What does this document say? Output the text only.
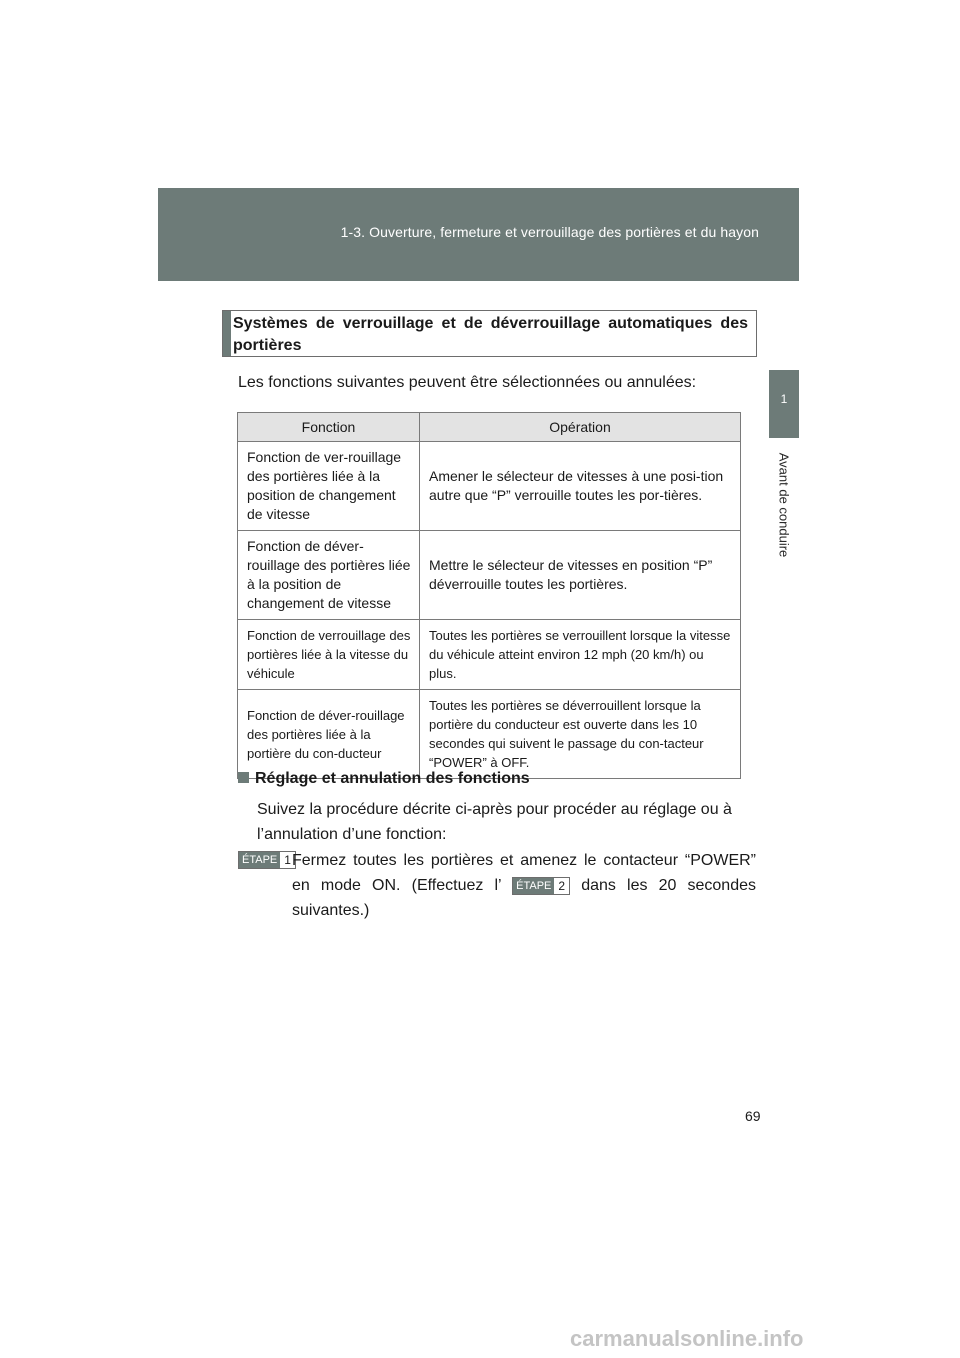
1-3. Ouverture, fermeture et verrouillage des portières et du hayon
1
Avant de conduire
Systèmes de verrouillage et de déverrouillage automatiques des portières
Les fonctions suivantes peuvent être sélectionnées ou annulées:
Fonction	Opération
Fonction de ver-rouillage des portières liée à la position de changement de vitesse	Amener le sélecteur de vitesses à une posi-tion autre que “P” verrouille toutes les por-tières.
Fonction de déver-rouillage des portières liée à la position de changement de vitesse	Mettre le sélecteur de vitesses en position “P” déverrouille toutes les portières.
Fonction de verrouillage des portières liée à la vitesse du véhicule	Toutes les portières se verrouillent lorsque la vitesse du véhicule atteint environ 12 mph (20 km/h) ou plus.
Fonction de déver-rouillage des portières liée à la portière du con-ducteur	Toutes les portières se déverrouillent lorsque la portière du conducteur est ouverte dans les 10 secondes qui suivent le passage du con-tacteur “POWER” à OFF.
Réglage et annulation des fonctions
Suivez la procédure décrite ci-après pour procéder au réglage ou à l’annulation d’une fonction:
ÉTAPE 1 Fermez toutes les portières et amenez le contacteur “POWER” en mode ON. (Effectuez l’ ÉTAPE 2 dans les 20 secondes suivantes.)
69
carmanualsonline.info
